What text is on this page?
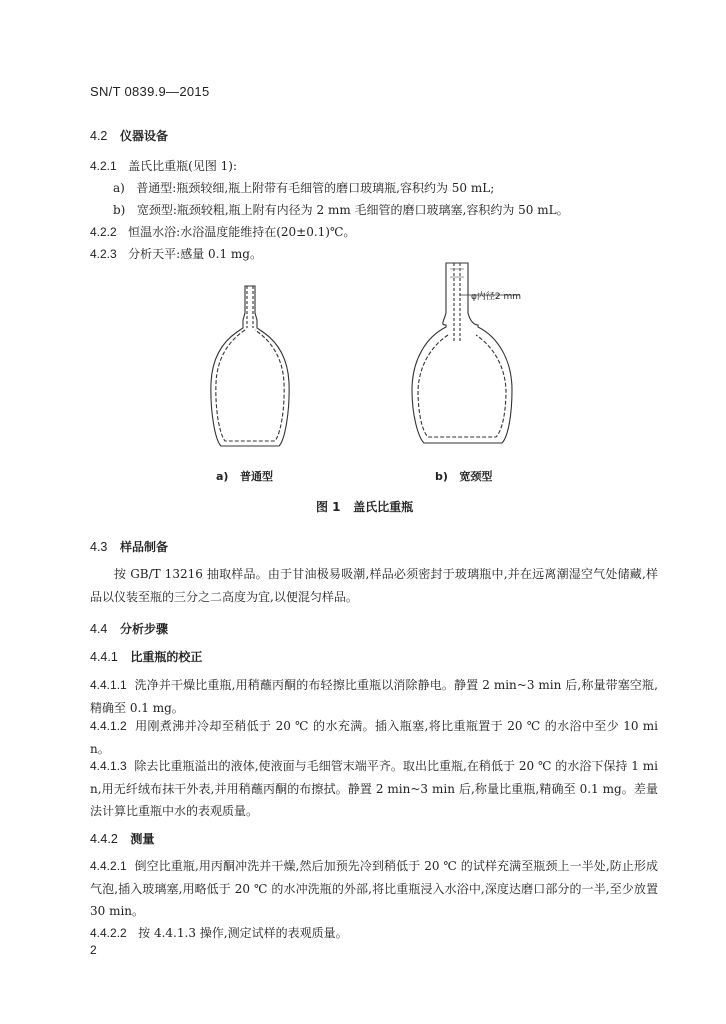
SN/T 0839.9—2015
4.2 仪器设备
4.2.1 盖氏比重瓶(见图 1):
a) 普通型:瓶颈较细,瓶上附带有毛细管的磨口玻璃瓶,容积约为 50 mL;
b) 宽颈型:瓶颈较粗,瓶上附有内径为 2 mm 毛细管的磨口玻璃塞,容积约为 50 mL。
4.2.2 恒温水浴:水浴温度能维持在(20±0.1)℃。
4.2.3 分析天平:感量 0.1 mg。
φ内径2 mm
a) 普通型	b) 宽颈型
图 1 盖氏比重瓶
4.3 样品制备
按 GB/T 13216 抽取样品。由于甘油极易吸潮,样品必须密封于玻璃瓶中,并在远离潮湿空气处储藏,样品以仪装至瓶的三分之二高度为宜,以便混匀样品。
4.4 分析步骤
4.4.1 比重瓶的校正
4.4.1.1 洗净并干燥比重瓶,用稍蘸丙酮的布轻擦比重瓶以消除静电。静置 2 min~3 min 后,称量带塞空瓶,精确至 0.1 mg。
4.4.1.2 用刚煮沸并冷却至稍低于 20 ℃ 的水充满。插入瓶塞,将比重瓶置于 20 ℃ 的水浴中至少 10 min。
4.4.1.3 除去比重瓶溢出的液体,使液面与毛细管末端平齐。取出比重瓶,在稍低于 20 ℃ 的水浴下保持 1 min,用无纤绒布抹干外表,并用稍蘸丙酮的布擦拭。静置 2 min~3 min 后,称量比重瓶,精确至 0.1 mg。差量法计算比重瓶中水的表观质量。
4.4.2 测量
4.4.2.1 倒空比重瓶,用丙酮冲洗并干燥,然后加预先冷到稍低于 20 ℃ 的试样充满至瓶颈上一半处,防止形成气泡,插入玻璃塞,用略低于 20 ℃ 的水冲洗瓶的外部,将比重瓶浸入水浴中,深度达磨口部分的一半,至少放置 30 min。
4.4.2.2 按 4.4.1.3 操作,测定试样的表观质量。
2
